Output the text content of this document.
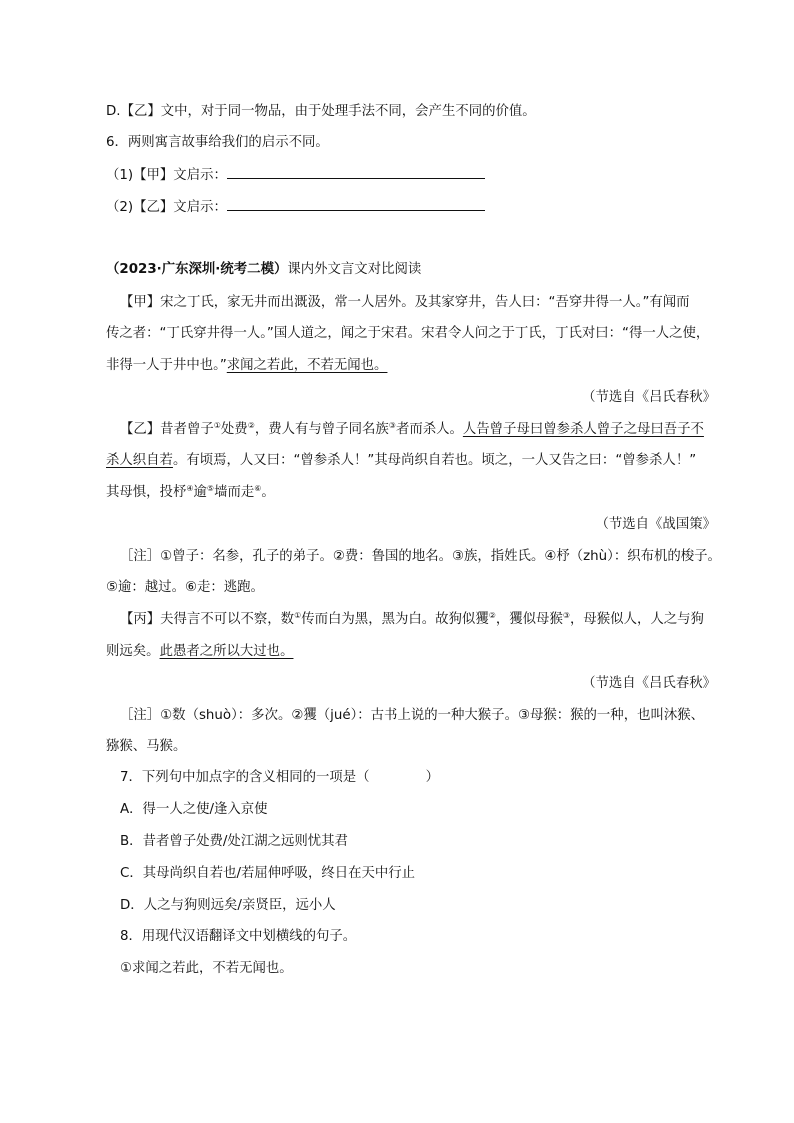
D.【乙】文中，对于同一物品，由于处理手法不同，会产生不同的价值。
6．两则寓言故事给我们的启示不同。
（1)【甲】文启示：
（2)【乙】文启示：
（2023·广东深圳·统考二模）课内外文言文对比阅读
【甲】宋之丁氏，家无井而出溉汲，常一人居外。及其家穿井，告人曰：“吾穿井得一人。”有闻而
传之者：“丁氏穿井得一人。”国人道之，闻之于宋君。宋君令人问之于丁氏，丁氏对曰：“得一人之使，
非得一人于井中也。”求闻之若此，不若无闻也。
（节选自《吕氏春秋》
【乙】昔者曾子①处费②，费人有与曾子同名族③者而杀人。人告曾子母曰曾参杀人曾子之母曰吾子不
杀人织自若。有顷焉，人又曰：“曾参杀人！”其母尚织自若也。顷之，一人又告之曰：“曾参杀人！”
其母惧，投杼④逾⑤墙而走⑥。
（节选自《战国策》
［注］①曾子：名参，孔子的弟子。②费：鲁国的地名。③族，指姓氏。④杼（zhù）：织布机的梭子。
⑤逾：越过。⑥走：逃跑。
【丙】夫得言不可以不察，数①传而白为黑，黑为白。故狗似玃②，玃似母猴③，母猴似人，人之与狗
则远矣。此愚者之所以大过也。
（节选自《吕氏春秋》
［注］①数（shuò）：多次。②玃（jué）：古书上说的一种大猴子。③母猴：猴的一种，也叫沐猴、
猕猴、马猴。
7．下列句中加点字的含义相同的一项是（	）
A．得一人之使/逢入京使
B．昔者曾子处费/处江湖之远则忧其君
C．其母尚织自若也/若屈伸呼吸，终日在天中行止
D．人之与狗则远矣/亲贤臣，远小人
8．用现代汉语翻译文中划横线的句子。
①求闻之若此，不若无闻也。
